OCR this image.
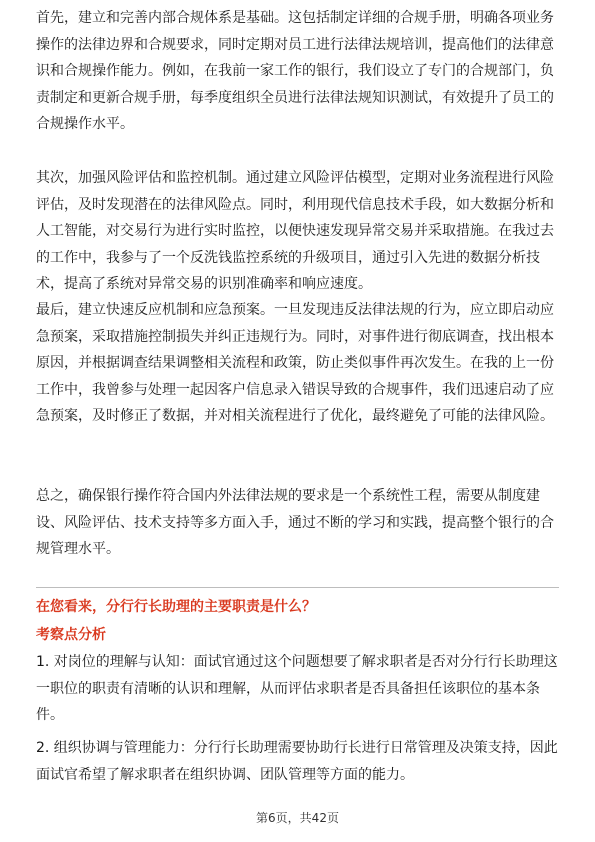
首先，建立和完善内部合规体系是基础。这包括制定详细的合规手册，明确各项业务操作的法律边界和合规要求，同时定期对员工进行法律法规培训，提高他们的法律意识和合规操作能力。例如，在我前一家工作的银行，我们设立了专门的合规部门，负责制定和更新合规手册，每季度组织全员进行法律法规知识测试，有效提升了员工的合规操作水平。

其次，加强风险评估和监控机制。通过建立风险评估模型，定期对业务流程进行风险评估，及时发现潜在的法律风险点。同时，利用现代信息技术手段，如大数据分析和人工智能，对交易行为进行实时监控，以便快速发现异常交易并采取措施。在我过去的工作中，我参与了一个反洗钱监控系统的升级项目，通过引入先进的数据分析技术，提高了系统对异常交易的识别准确率和响应速度。

最后，建立快速反应机制和应急预案。一旦发现违反法律法规的行为，应立即启动应急预案，采取措施控制损失并纠正违规行为。同时，对事件进行彻底调查，找出根本原因，并根据调查结果调整相关流程和政策，防止类似事件再次发生。在我的上一份工作中，我曾参与处理一起因客户信息录入错误导致的合规事件，我们迅速启动了应急预案，及时修正了数据，并对相关流程进行了优化，最终避免了可能的法律风险。

总之，确保银行操作符合国内外法律法规的要求是一个系统性工程，需要从制度建设、风险评估、技术支持等多方面入手，通过不断的学习和实践，提高整个银行的合规管理水平。

在您看来，分行行长助理的主要职责是什么？

考察点分析

1. 对岗位的理解与认知：面试官通过这个问题想要了解求职者是否对分行行长助理这一职位的职责有清晰的认识和理解，从而评估求职者是否具备担任该职位的基本条件。

2. 组织协调与管理能力：分行行长助理需要协助行长进行日常管理及决策支持，因此面试官希望了解求职者在组织协调、团队管理等方面的能力。

第6页，共42页
